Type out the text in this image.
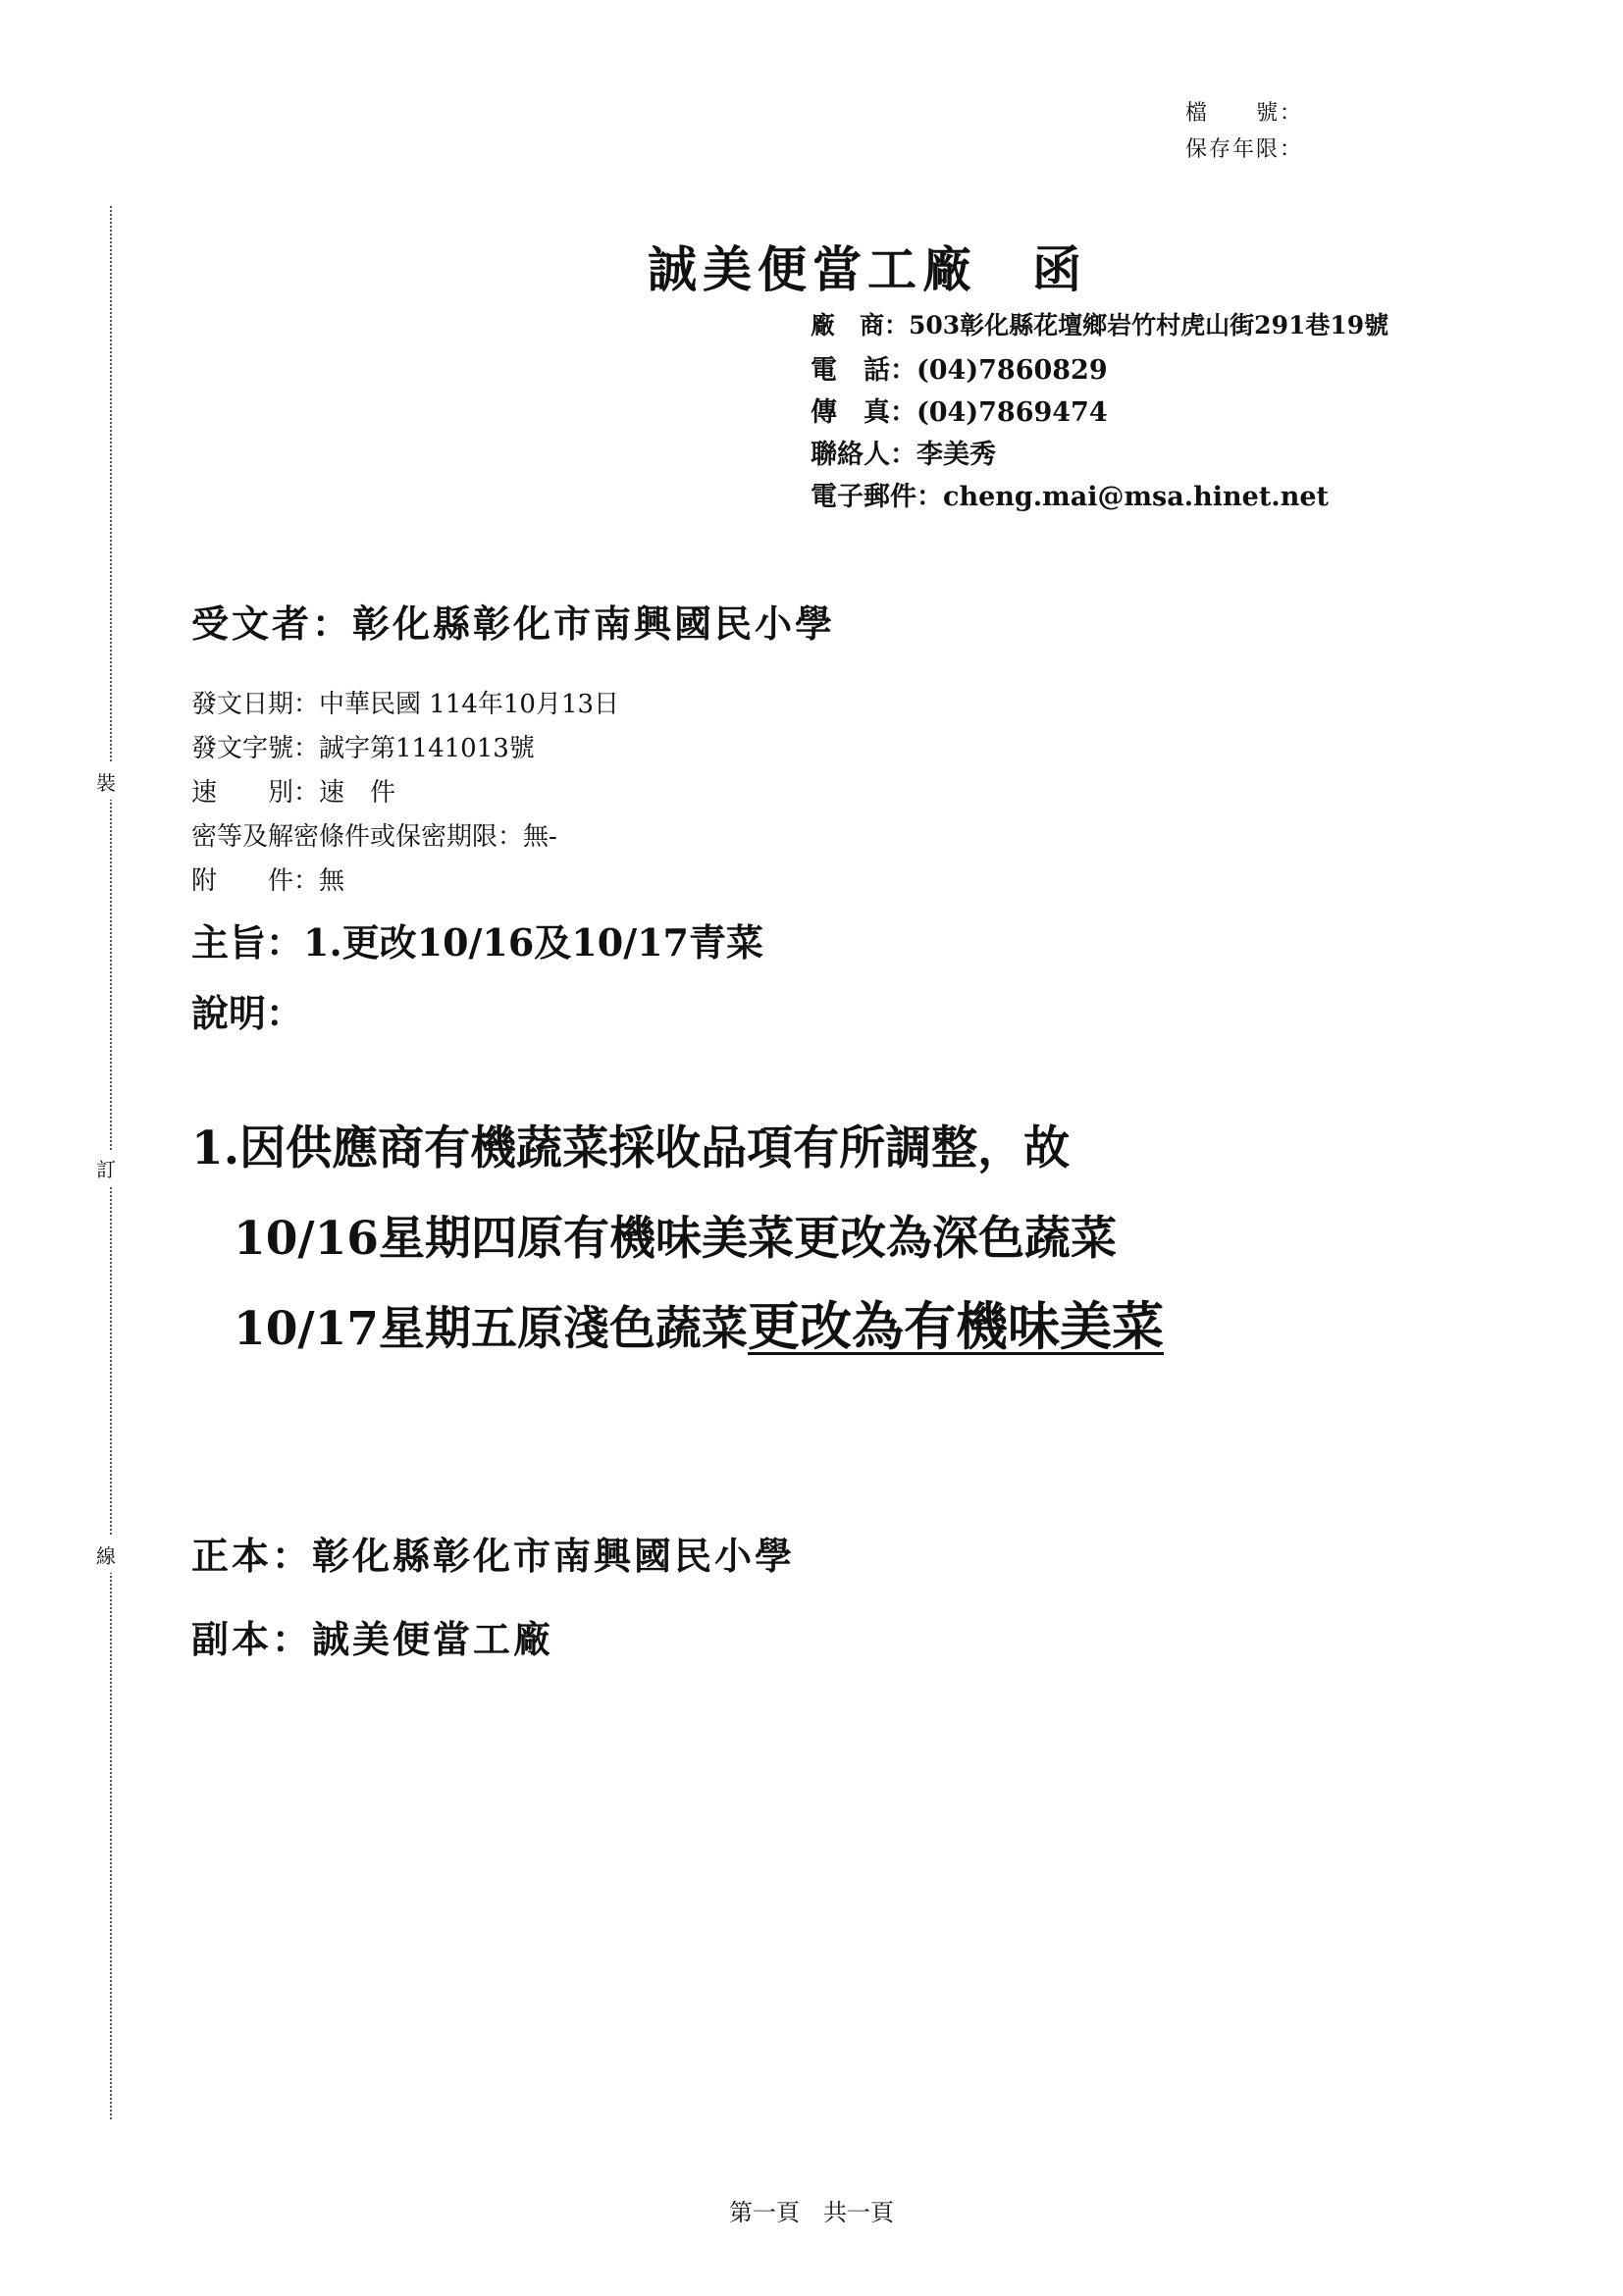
檔　　號：
保存年限：
裝
訂
線
誠美便當工廠　函
廠　商：503彰化縣花壇鄉岩竹村虎山街291巷19號
電　話：(04)7860829
傳　真：(04)7869474
聯絡人：李美秀
電子郵件：cheng.mai@msa.hinet.net
受文者：彰化縣彰化市南興國民小學
發文日期：中華民國 114年10月13日
發文字號：誠字第1141013號
速　　別：速　件
密等及解密條件或保密期限：無-
附　　件：無
主旨：1.更改10/16及10/17青菜
說明：
1.因供應商有機蔬菜採收品項有所調整，故
10/16星期四原有機味美菜更改為深色蔬菜
10/17星期五原淺色蔬菜更改為有機味美菜
正本：彰化縣彰化市南興國民小學
副本：誠美便當工廠
第一頁　共一頁
